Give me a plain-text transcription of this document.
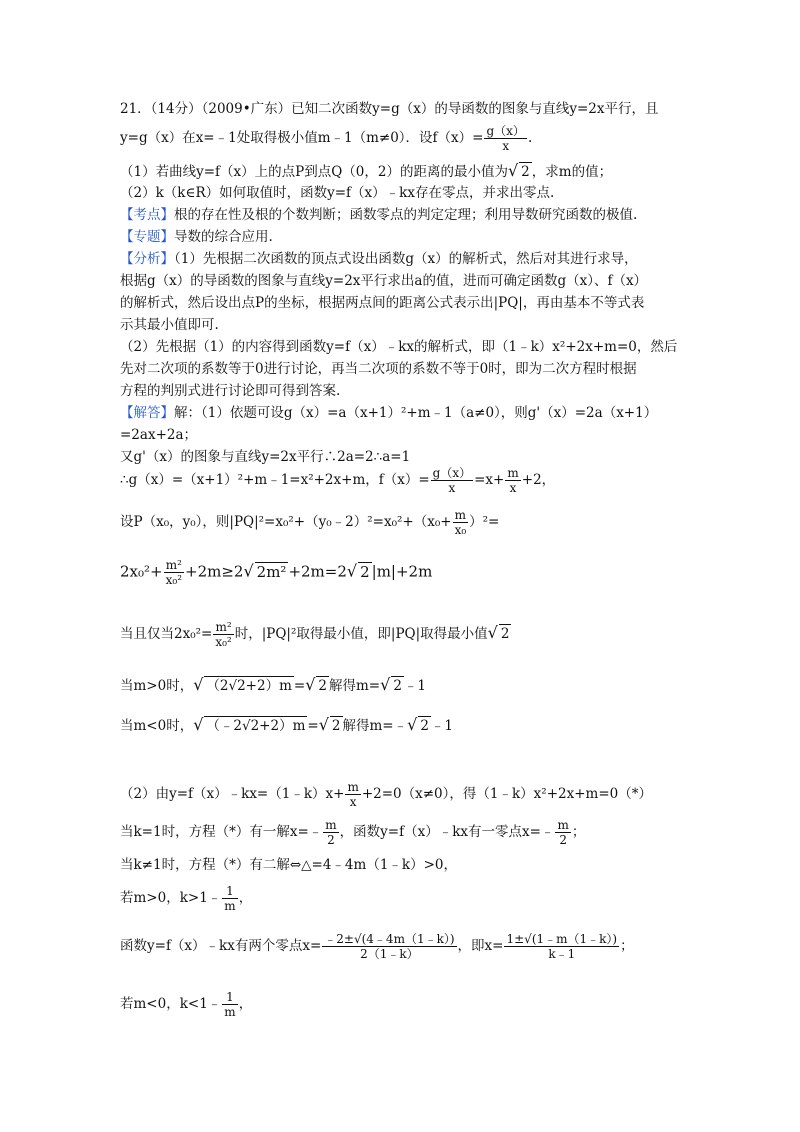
21．（14分）（2009•广东）已知二次函数y=g（x）的导函数的图象与直线y=2x平行，且
y=g（x）在x=﹣1处取得极小值m﹣1（m≠0）．设$f(x)= \frac{g(x)}{x}$ .
（1）若曲线y=f（x）上的点P到点Q（0，2）的距离的最小值为√ 2 ，求m的值；
（2）k（k∈R）如何取值时，函数y=f（x）﹣kx存在零点，并求出零点.
【考点】根的存在性及根的个数判断；函数零点的判定定理；利用导数研究函数的极值.
【专题】导数的综合应用.
【分析】（1）先根据二次函数的顶点式设出函数g（x）的解析式，然后对其进行求导，
根据g（x）的导函数的图象与直线y=2x平行求出a的值，进而可确定函数g（x）、f（x）
的解析式，然后设出点P的坐标，根据两点间的距离公式表示出|PQ|，再由基本不等式表
示其最小值即可.
（2）先根据（1）的内容得到函数y=f（x）﹣kx的解析式，即（1﹣k）x²+2x+m=0，然后
先对二次项的系数等于0进行讨论，再当二次项的系数不等于0时，即为二次方程时根据
方程的判别式进行讨论即可得到答案.
【解答】解：（1）依题可设g（x）=a（x+1）²+m﹣1（a≠0），则g'（x）=2a（x+1）
=2ax+2a；
又g'（x）的图象与直线y=2x平行∴2a=2∴a=1
∴g（x）=（x+1）²+m﹣1=x²+2x+m，$f(x)= \frac{g(x)}{x} =x+ \frac{m}{x} +2$，
设P（x₀，y₀），则|PQ|²=x₀²+（y₀﹣2）²=x₀²+（x₀+ $\frac{m}{\text{x₀}} )^2=$
$2x_0^2+ \frac{\text{m²}}{\text{x₀²}} +2m\ge 2√$ 2m² +2m=2√ 2 |m|+2m
当且仅当$2x_0^2= \frac{\text{m²}}{\text{x₀²}}$ 时，|PQ|²取得最小值，即|PQ|取得最小值√ 2
当m>0时，√ （2√2+2）m =√ 2 解得m=√ 2 ﹣1
当m<0时，√ （﹣2√2+2）m =√ 2 解得m=﹣√ 2 ﹣1
（2）由y=f（x）﹣kx=（1﹣k）x+ $\frac{m}{x} +2=0(x\ne 0)$，得（1﹣k）x²+2x+m=0（*）
当k=1时，方程（*）有一解x=﹣ $\frac{m}{2}$ ，函数y=f（x）﹣kx有一零点x=﹣ $\frac{m}{2}$ ；
当k≠1时，方程（*）有二解⇔△=4﹣4m（1﹣k）>0，
若m>0，k>1﹣ $\frac{1}{m}$ ，
函数y=f（x）﹣kx有两个零点$x= \frac{﹣2\pm√(4﹣4m(1﹣k))}{2(1﹣k)}$ ，即$x= \frac{1\pm√(1﹣m(1﹣k))}{k﹣1}$ ；
若m<0，k<1﹣ $\frac{1}{m}$ ，
